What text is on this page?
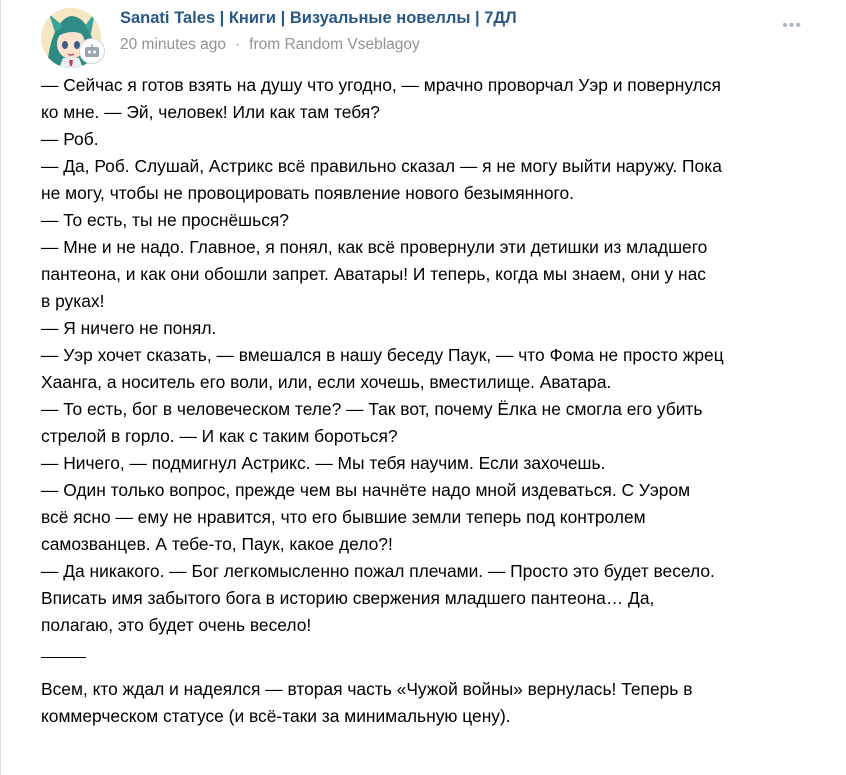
Sanati Tales | Книги | Визуальные новеллы | 7ДЛ
20 minutes ago · from Random Vseblagoy
•••
— Сейчас я готов взять на душу что угодно, — мрачно проворчал Уэр и повернулся
ко мне. — Эй, человек! Или как там тебя?
— Роб.
— Да, Роб. Слушай, Астрикс всё правильно сказал — я не могу выйти наружу. Пока
не могу, чтобы не провоцировать появление нового безымянного.
— То есть, ты не проснёшься?
— Мне и не надо. Главное, я понял, как всё провернули эти детишки из младшего
пантеона, и как они обошли запрет. Аватары! И теперь, когда мы знаем, они у нас
в руках!
— Я ничего не понял.
— Уэр хочет сказать, — вмешался в нашу беседу Паук, — что Фома не просто жрец
Хаанга, а носитель его воли, или, если хочешь, вместилище. Аватара.
— То есть, бог в человеческом теле? — Так вот, почему Ёлка не смогла его убить
стрелой в горло. — И как с таким бороться?
— Ничего, — подмигнул Астрикс. — Мы тебя научим. Если захочешь.
— Один только вопрос, прежде чем вы начнёте надо мной издеваться. С Уэром
всё ясно — ему не нравится, что его бывшие земли теперь под контролем
самозванцев. А тебе-то, Паук, какое дело?!
— Да никакого. — Бог легкомысленно пожал плечами. — Просто это будет весело.
Вписать имя забытого бога в историю свержения младшего пантеона… Да,
полагаю, это будет очень весело!
Всем, кто ждал и надеялся — вторая часть «Чужой войны» вернулась! Теперь в
коммерческом статусе (и всё-таки за минимальную цену).
